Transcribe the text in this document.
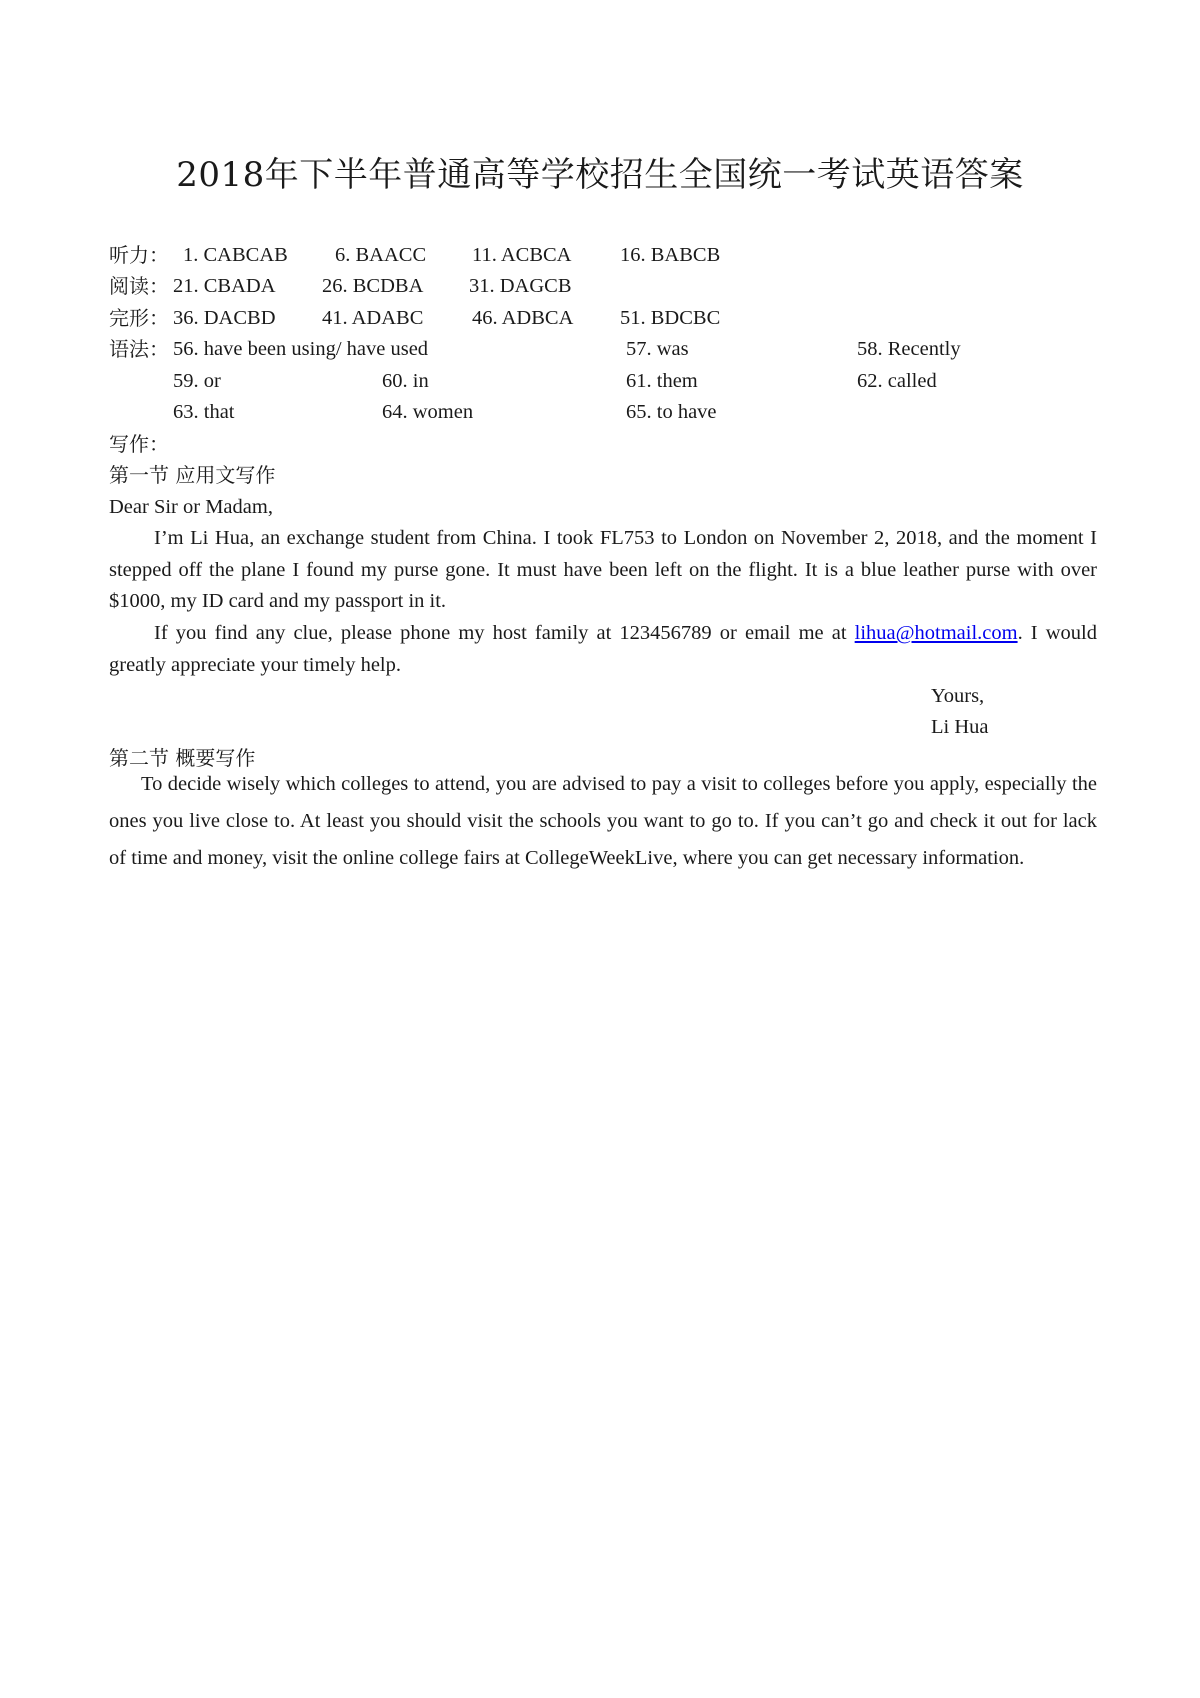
2018年下半年普通高等学校招生全国统一考试英语答案
听力： 1. CABCAB 6. BAACC 11. ACBCA 16. BABCB
阅读： 21. CBADA 26. BCDBA 31. DAGCB
完形： 36. DACBD 41. ADABC 46. ADBCA 51. BDCBC
语法： 56. have been using/ have used	57. was	58. Recently
59. or	60. in	61. them	62. called
63. that	64. women	65. to have
写作：
第一节 应用文写作
Dear Sir or Madam,
I’m Li Hua, an exchange student from China. I took FL753 to London on November 2, 2018, and the moment I stepped off the plane I found my purse gone. It must have been left on the flight. It is a blue leather purse with over $1000, my ID card and my passport in it.
If you find any clue, please phone my host family at 123456789 or email me at lihua@hotmail.com. I would greatly appreciate your timely help.
Yours,
Li Hua
第二节 概要写作
To decide wisely which colleges to attend, you are advised to pay a visit to colleges before you apply, especially the ones you live close to. At least you should visit the schools you want to go to. If you can’t go and check it out for lack of time and money, visit the online college fairs at CollegeWeekLive, where you can get necessary information.
